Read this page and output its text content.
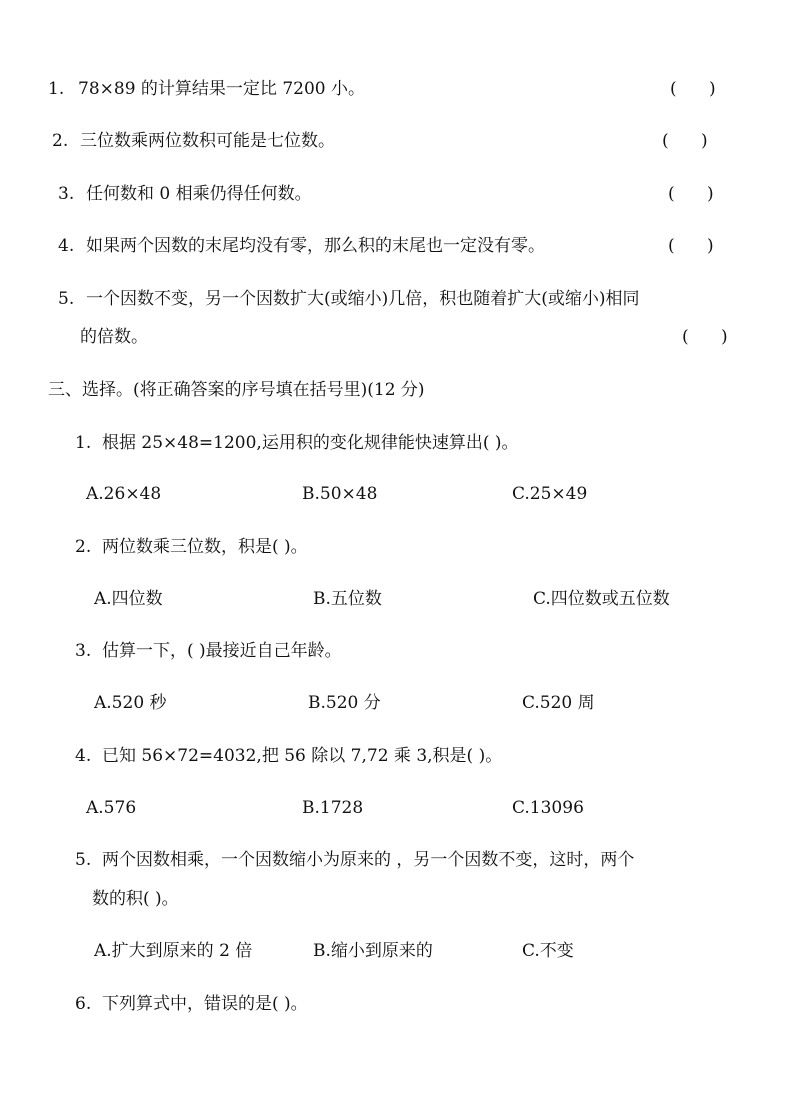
1. 78×89 的计算结果一定比 7200 小。	(      )
2. 三位数乘两位数积可能是七位数。	(      )
3. 任何数和 0 相乘仍得任何数。	(      )
4. 如果两个因数的末尾均没有零，那么积的末尾也一定没有零。	(      )
5. 一个因数不变，另一个因数扩大(或缩小)几倍，积也随着扩大(或缩小)相同
的倍数。	(      )
三、选择。(将正确答案的序号填在括号里)(12 分)
1. 根据 25×48=1200,运用积的变化规律能快速算出( )。
A.26×48	B.50×48	C.25×49
2. 两位数乘三位数，积是( )。
A.四位数	B.五位数	C.四位数或五位数
3. 估算一下，( )最接近自己年龄。
A.520 秒	B.520 分	C.520 周
4. 已知 56×72=4032,把 56 除以 7,72 乘 3,积是( )。
A.576	B.1728	C.13096
5. 两个因数相乘，一个因数缩小为原来的 ，另一个因数不变，这时，两个
数的积( )。
A.扩大到原来的 2 倍	B.缩小到原来的	C.不变
6. 下列算式中，错误的是( )。
